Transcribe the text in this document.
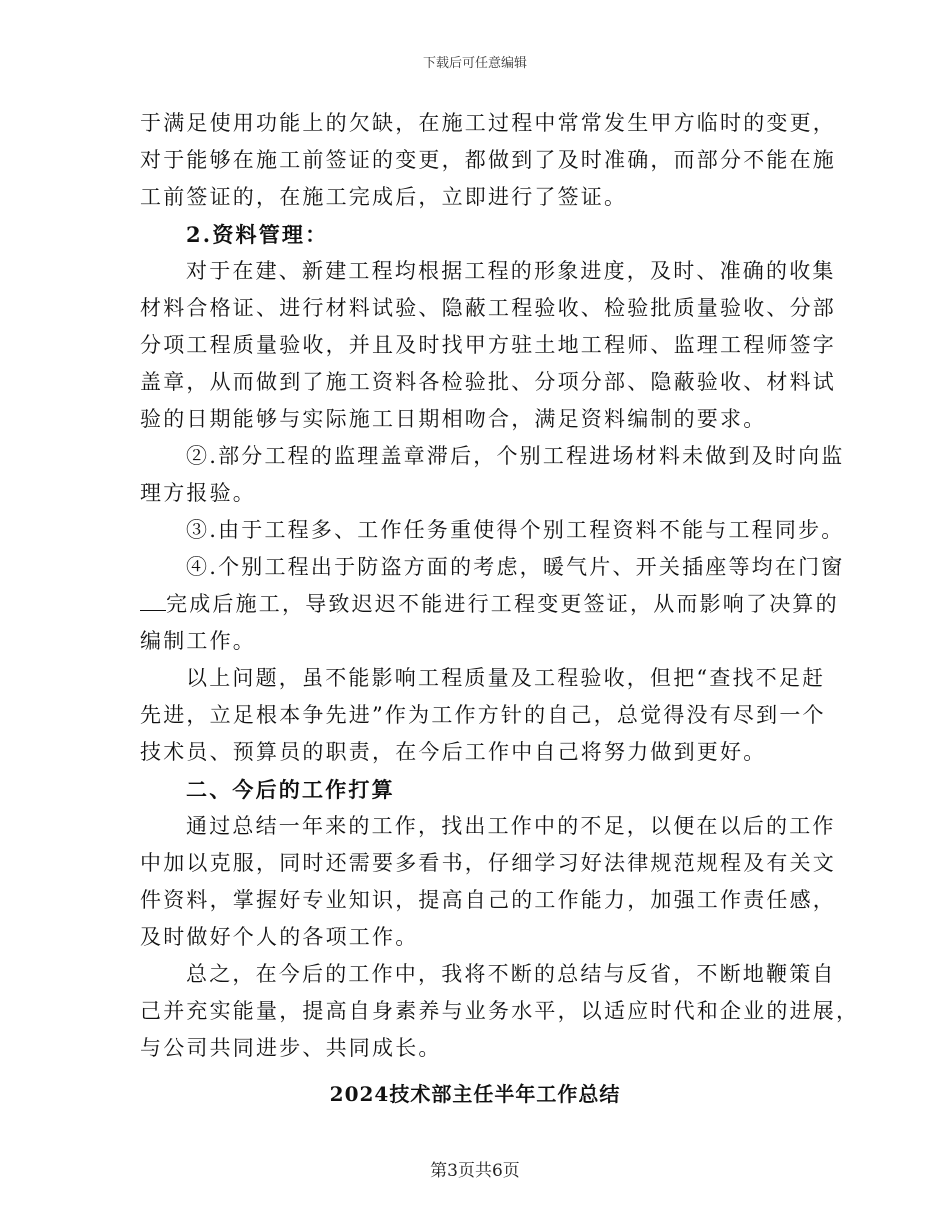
下载后可任意编辑
于满足使用功能上的欠缺，在施工过程中常常发生甲方临时的变更，
对于能够在施工前签证的变更，都做到了及时准确，而部分不能在施
工前签证的，在施工完成后，立即进行了签证。
2.资料管理：
对于在建、新建工程均根据工程的形象进度，及时、准确的收集
材料合格证、进行材料试验、隐蔽工程验收、检验批质量验收、分部
分项工程质量验收，并且及时找甲方驻土地工程师、监理工程师签字
盖章，从而做到了施工资料各检验批、分项分部、隐蔽验收、材料试
验的日期能够与实际施工日期相吻合，满足资料编制的要求。
②.部分工程的监理盖章滞后，个别工程进场材料未做到及时向监
理方报验。
③.由于工程多、工作任务重使得个别工程资料不能与工程同步。
④.个别工程出于防盗方面的考虑，暖气片、开关插座等均在门窗
完成后施工，导致迟迟不能进行工程变更签证，从而影响了决算的
编制工作。
以上问题，虽不能影响工程质量及工程验收，但把“查找不足赶
先进，立足根本争先进”作为工作方针的自己，总觉得没有尽到一个
技术员、预算员的职责，在今后工作中自己将努力做到更好。
二、今后的工作打算
通过总结一年来的工作，找出工作中的不足，以便在以后的工作
中加以克服，同时还需要多看书，仔细学习好法律规范规程及有关文
件资料，掌握好专业知识，提高自己的工作能力，加强工作责任感，
及时做好个人的各项工作。
总之，在今后的工作中，我将不断的总结与反省，不断地鞭策自
己并充实能量，提高自身素养与业务水平，以适应时代和企业的进展，
与公司共同进步、共同成长。
2024技术部主任半年工作总结
第3页共6页
